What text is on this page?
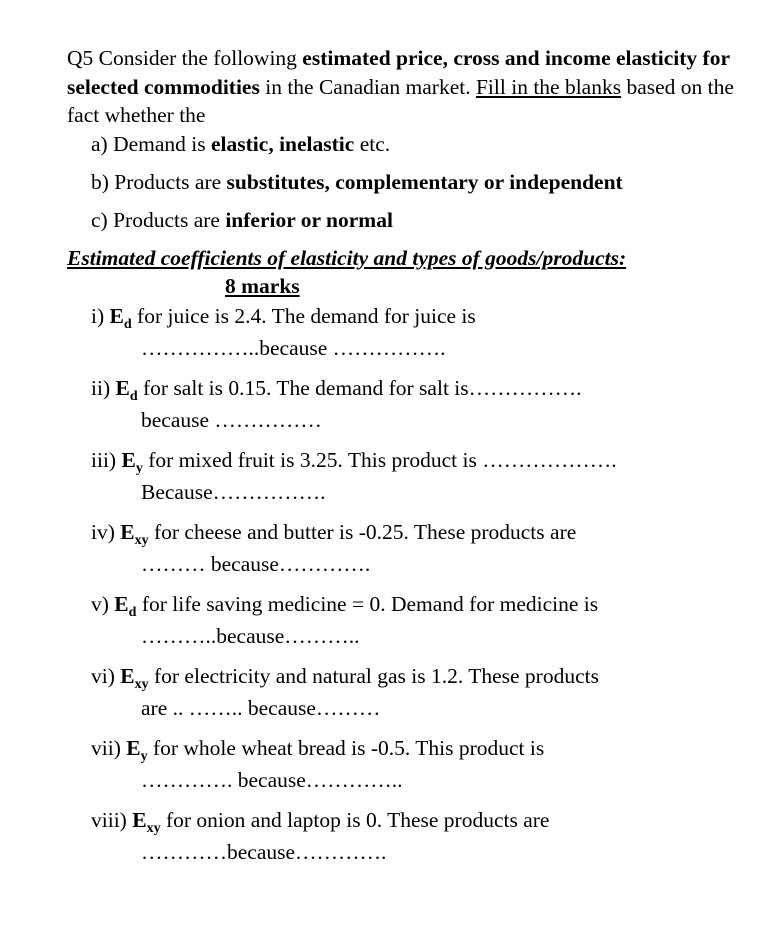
Q5 Consider the following estimated price, cross and income elasticity for selected commodities in the Canadian market. Fill in the blanks based on the fact whether the

a) Demand is elastic, inelastic etc.

b) Products are substitutes, complementary or independent

c) Products are inferior or normal

Estimated coefficients of elasticity and types of goods/products:8 marks
i) $E_d$ for juice is 2.4. The demand for juice is
……………..because …………….
ii) $E_d$ for salt is 0.15. The demand for salt is…………….
because ……………
iii) $E_y$ for mixed fruit is 3.25. This product is ……………….
Because…………….
iv) $E_{xy}$ for cheese and butter is -0.25. These products are
……… because………….
v) $E_d$ for life saving medicine = 0. Demand for medicine is
………..because………..
vi) $E_{xy}$ for electricity and natural gas is 1.2. These products
are .. …….. because………
vii) $E_y$ for whole wheat bread is -0.5. This product is
…………. because…………..
viii) $E_{xy}$ for onion and laptop is 0. These products are
…………because………….
